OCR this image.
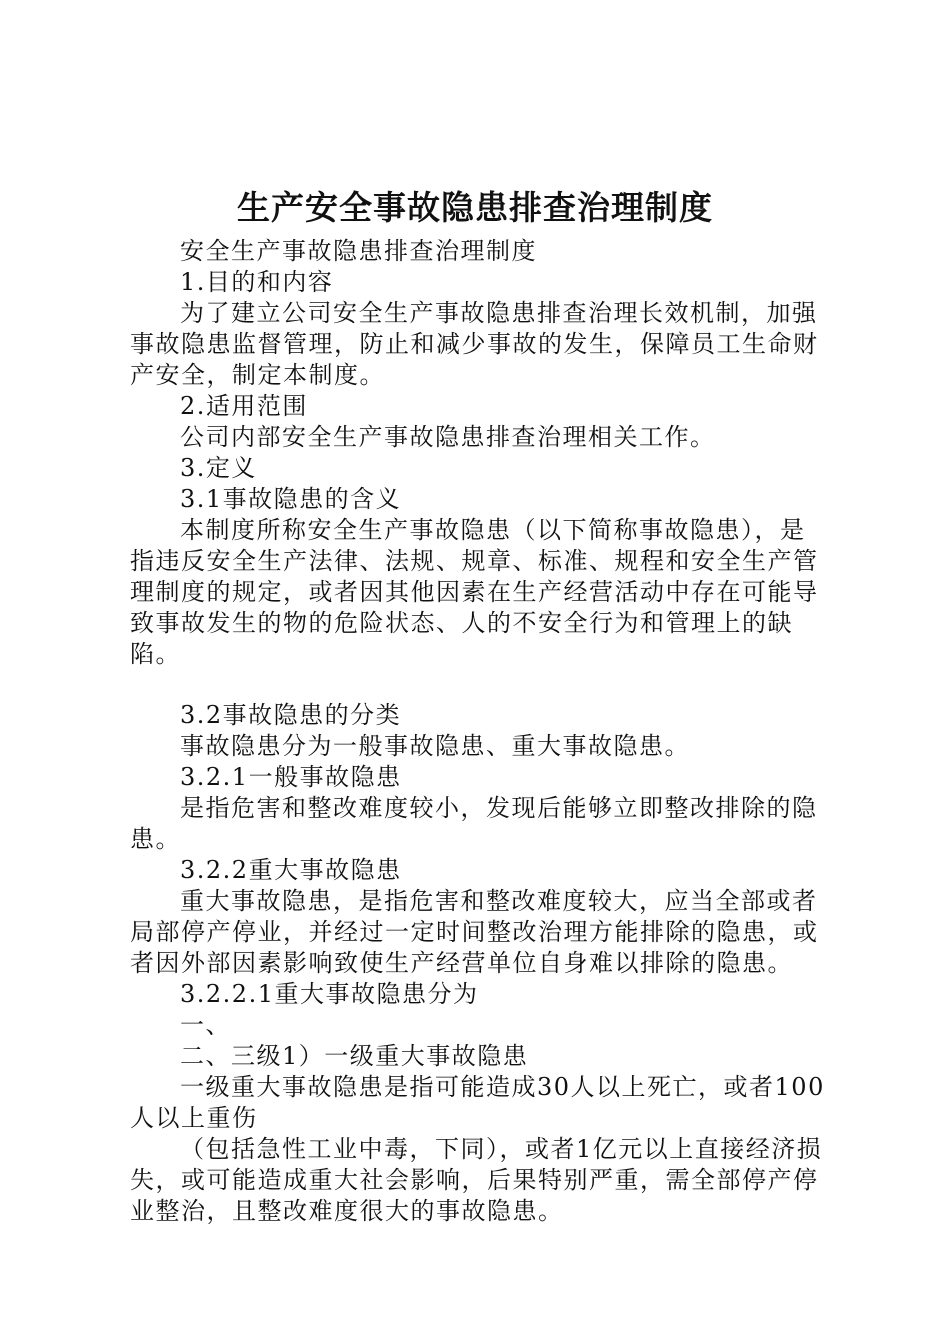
生产安全事故隐患排查治理制度

安全生产事故隐患排查治理制度

1.目的和内容

为了建立公司安全生产事故隐患排查治理长效机制，加强事故隐患监督管理，防止和减少事故的发生，保障员工生命财产安全，制定本制度。

2.适用范围

公司内部安全生产事故隐患排查治理相关工作。

3.定义

3.1事故隐患的含义

本制度所称安全生产事故隐患（以下简称事故隐患），是指违反安全生产法律、法规、规章、标准、规程和安全生产管理制度的规定，或者因其他因素在生产经营活动中存在可能导致事故发生的物的危险状态、人的不安全行为和管理上的缺陷。

3.2事故隐患的分类

事故隐患分为一般事故隐患、重大事故隐患。

3.2.1一般事故隐患

是指危害和整改难度较小，发现后能够立即整改排除的隐患。

3.2.2重大事故隐患

重大事故隐患，是指危害和整改难度较大，应当全部或者局部停产停业，并经过一定时间整改治理方能排除的隐患，或者因外部因素影响致使生产经营单位自身难以排除的隐患。

3.2.2.1重大事故隐患分为

一、

二、三级1）一级重大事故隐患

一级重大事故隐患是指可能造成30人以上死亡，或者100人以上重伤

（包括急性工业中毒，下同），或者1亿元以上直接经济损失，或可能造成重大社会影响，后果特别严重，需全部停产停业整治，且整改难度很大的事故隐患。
